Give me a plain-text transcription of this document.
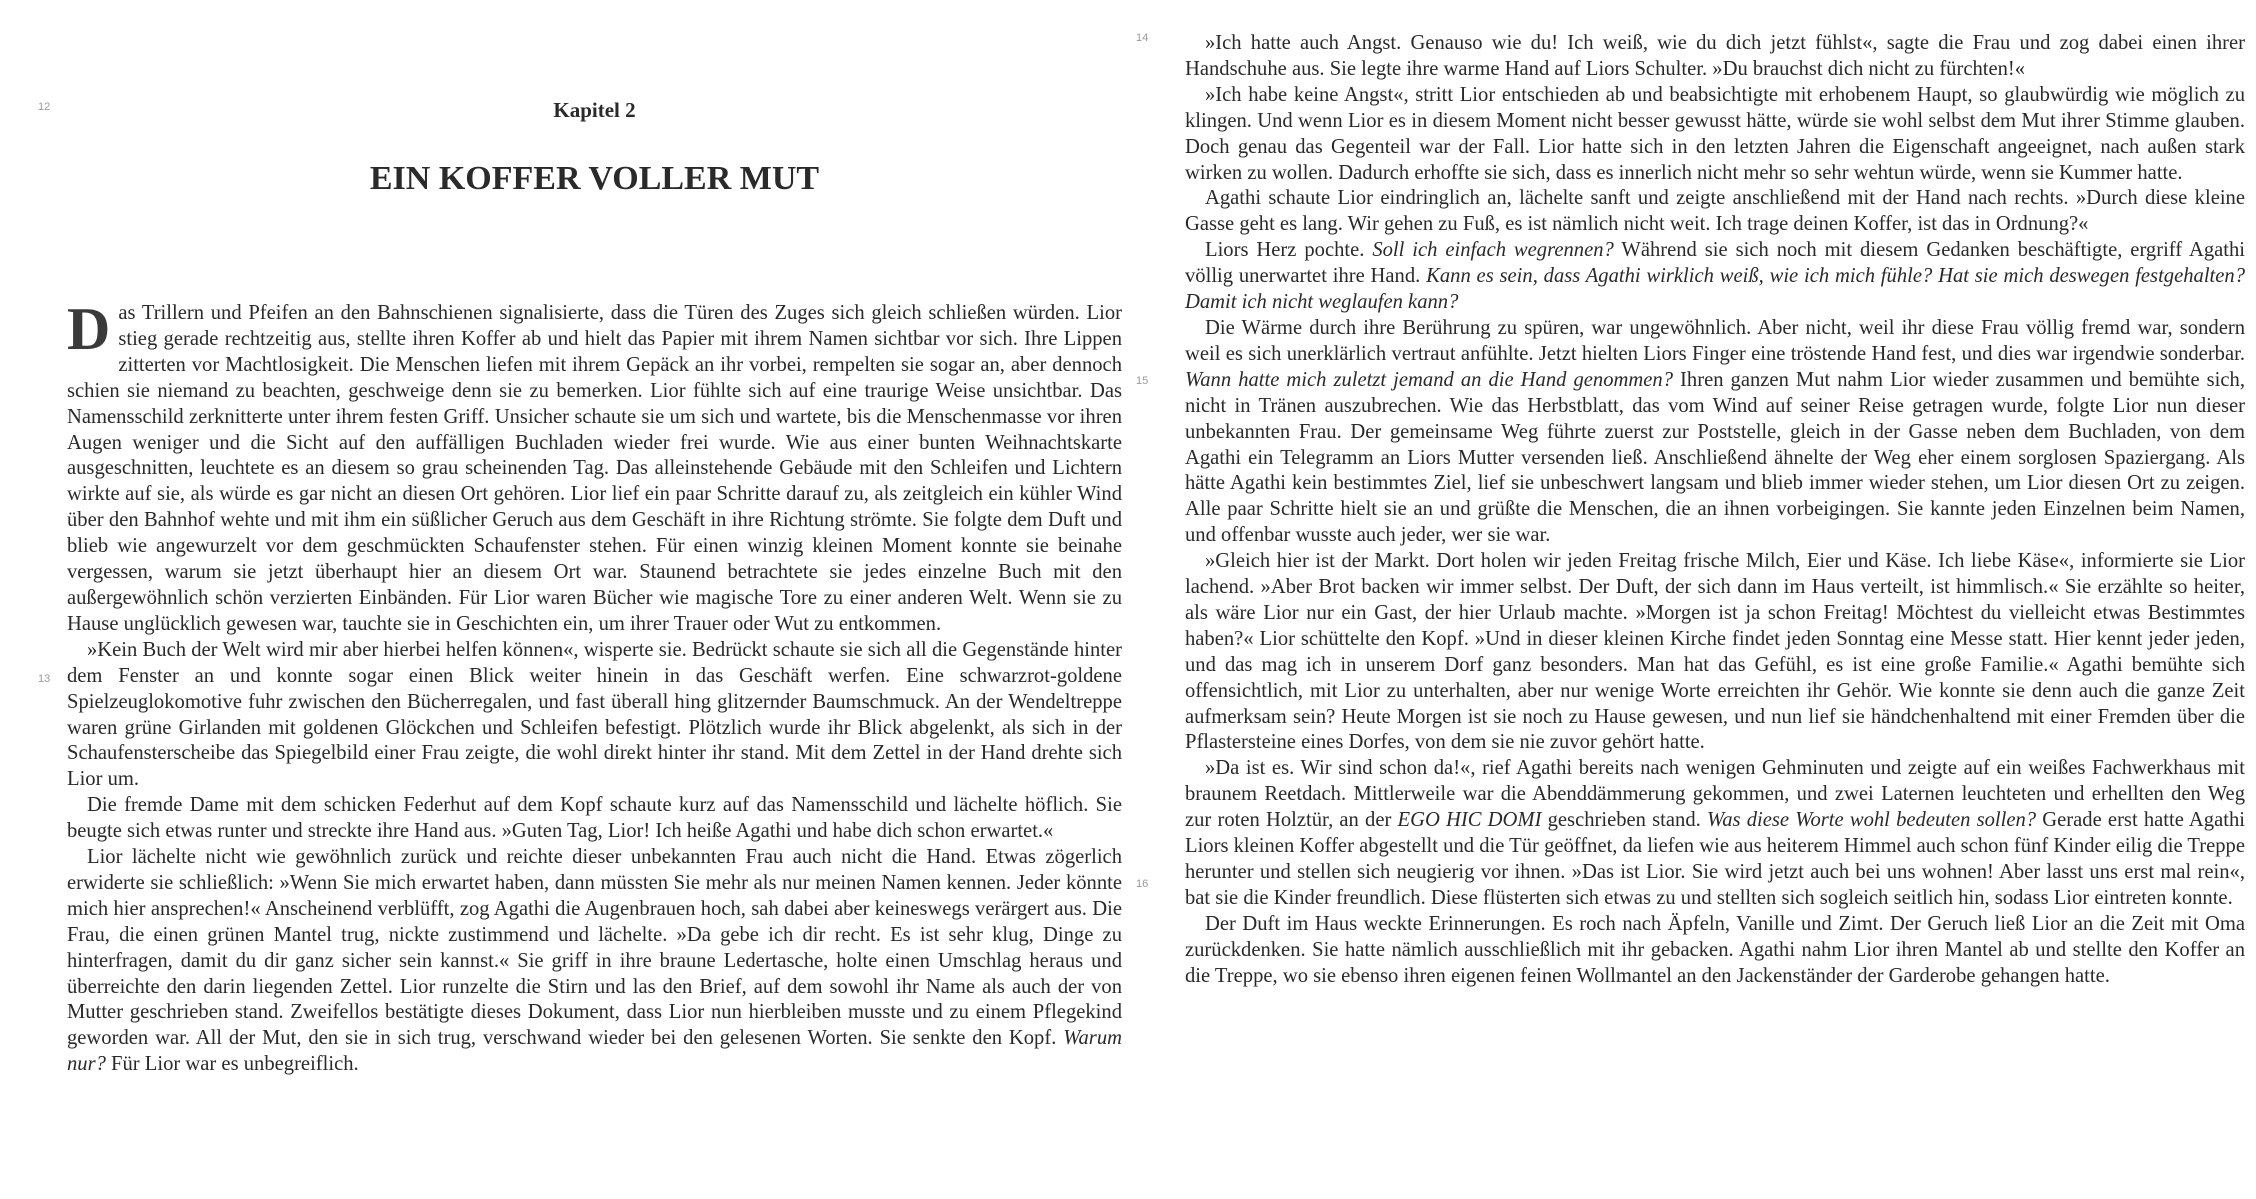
12
13
Kapitel 2
EIN KOFFER VOLLER MUT

Das Trillern und Pfeifen an den Bahnschienen signalisierte, dass die Türen des Zuges sich gleich schließen würden. Lior stieg gerade rechtzeitig aus, stellte ihren Koffer ab und hielt das Papier mit ihrem Namen sichtbar vor sich. Ihre Lippen zitterten vor Machtlosigkeit. Die Menschen liefen mit ihrem Gepäck an ihr vorbei, rempelten sie sogar an, aber dennoch schien sie niemand zu beachten, geschweige denn sie zu bemerken. Lior fühlte sich auf eine traurige Weise unsichtbar. Das Namensschild zerknitterte unter ihrem festen Griff. Unsicher schaute sie um sich und wartete, bis die Menschenmasse vor ihren Augen weniger und die Sicht auf den auffälligen Buchladen wieder frei wurde. Wie aus einer bunten Weihnachtskarte ausgeschnitten, leuchtete es an diesem so grau scheinenden Tag. Das alleinstehende Gebäude mit den Schleifen und Lichtern wirkte auf sie, als würde es gar nicht an diesen Ort gehören. Lior lief ein paar Schritte darauf zu, als zeitgleich ein kühler Wind über den Bahnhof wehte und mit ihm ein süßlicher Geruch aus dem Geschäft in ihre Richtung strömte. Sie folgte dem Duft und blieb wie angewurzelt vor dem geschmückten Schaufenster stehen. Für einen winzig kleinen Moment konnte sie beinahe vergessen, warum sie jetzt überhaupt hier an diesem Ort war. Staunend betrachtete sie jedes einzelne Buch mit den außergewöhnlich schön verzierten Einbänden. Für Lior waren Bücher wie magische Tore zu einer anderen Welt. Wenn sie zu Hause unglücklich gewesen war, tauchte sie in Geschichten ein, um ihrer Trauer oder Wut zu entkommen.

»Kein Buch der Welt wird mir aber hierbei helfen können«, wisperte sie. Bedrückt schaute sie sich all die Gegenstände hinter dem Fenster an und konnte sogar einen Blick weiter hinein in das Geschäft werfen. Eine schwarzrot-goldene Spielzeuglokomotive fuhr zwischen den Bücherregalen, und fast überall hing glitzernder Baumschmuck. An der Wendeltreppe waren grüne Girlanden mit goldenen Glöckchen und Schleifen befestigt. Plötzlich wurde ihr Blick abgelenkt, als sich in der Schaufensterscheibe das Spiegelbild einer Frau zeigte, die wohl direkt hinter ihr stand. Mit dem Zettel in der Hand drehte sich Lior um.

Die fremde Dame mit dem schicken Federhut auf dem Kopf schaute kurz auf das Namensschild und lächelte höflich. Sie beugte sich etwas runter und streckte ihre Hand aus. »Guten Tag, Lior! Ich heiße Agathi und habe dich schon erwartet.«

Lior lächelte nicht wie gewöhnlich zurück und reichte dieser unbekannten Frau auch nicht die Hand. Etwas zögerlich erwiderte sie schließlich: »Wenn Sie mich erwartet haben, dann müssten Sie mehr als nur meinen Namen kennen. Jeder könnte mich hier ansprechen!« Anscheinend verblüfft, zog Agathi die Augenbrauen hoch, sah dabei aber keineswegs verärgert aus. Die Frau, die einen grünen Mantel trug, nickte zustimmend und lächelte. »Da gebe ich dir recht. Es ist sehr klug, Dinge zu hinterfragen, damit du dir ganz sicher sein kannst.« Sie griff in ihre braune Ledertasche, holte einen Umschlag heraus und überreichte den darin liegenden Zettel. Lior runzelte die Stirn und las den Brief, auf dem sowohl ihr Name als auch der von Mutter geschrieben stand. Zweifellos bestätigte dieses Dokument, dass Lior nun hierbleiben musste und zu einem Pflegekind geworden war. All der Mut, den sie in sich trug, verschwand wieder bei den gelesenen Worten. Sie senkte den Kopf. Warum nur? Für Lior war es unbegreiflich.

14
15
16

»Ich hatte auch Angst. Genauso wie du! Ich weiß, wie du dich jetzt fühlst«, sagte die Frau und zog dabei einen ihrer Handschuhe aus. Sie legte ihre warme Hand auf Liors Schulter. »Du brauchst dich nicht zu fürchten!«

»Ich habe keine Angst«, stritt Lior entschieden ab und beabsichtigte mit erhobenem Haupt, so glaubwürdig wie möglich zu klingen. Und wenn Lior es in diesem Moment nicht besser gewusst hätte, würde sie wohl selbst dem Mut ihrer Stimme glauben. Doch genau das Gegenteil war der Fall. Lior hatte sich in den letzten Jahren die Eigenschaft angeeignet, nach außen stark wirken zu wollen. Dadurch erhoffte sie sich, dass es innerlich nicht mehr so sehr wehtun würde, wenn sie Kummer hatte.

Agathi schaute Lior eindringlich an, lächelte sanft und zeigte anschließend mit der Hand nach rechts. »Durch diese kleine Gasse geht es lang. Wir gehen zu Fuß, es ist nämlich nicht weit. Ich trage deinen Koffer, ist das in Ordnung?«

Liors Herz pochte. Soll ich einfach wegrennen? Während sie sich noch mit diesem Gedanken beschäftigte, ergriff Agathi völlig unerwartet ihre Hand. Kann es sein, dass Agathi wirklich weiß, wie ich mich fühle? Hat sie mich deswegen festgehalten? Damit ich nicht weglaufen kann?

Die Wärme durch ihre Berührung zu spüren, war ungewöhnlich. Aber nicht, weil ihr diese Frau völlig fremd war, sondern weil es sich unerklärlich vertraut anfühlte. Jetzt hielten Liors Finger eine tröstende Hand fest, und dies war irgendwie sonderbar. Wann hatte mich zuletzt jemand an die Hand genommen? Ihren ganzen Mut nahm Lior wieder zusammen und bemühte sich, nicht in Tränen auszubrechen. Wie das Herbstblatt, das vom Wind auf seiner Reise getragen wurde, folgte Lior nun dieser unbekannten Frau. Der gemeinsame Weg führte zuerst zur Poststelle, gleich in der Gasse neben dem Buchladen, von dem Agathi ein Telegramm an Liors Mutter versenden ließ. Anschließend ähnelte der Weg eher einem sorglosen Spaziergang. Als hätte Agathi kein bestimmtes Ziel, lief sie unbeschwert langsam und blieb immer wieder stehen, um Lior diesen Ort zu zeigen. Alle paar Schritte hielt sie an und grüßte die Menschen, die an ihnen vorbeigingen. Sie kannte jeden Einzelnen beim Namen, und offenbar wusste auch jeder, wer sie war.

»Gleich hier ist der Markt. Dort holen wir jeden Freitag frische Milch, Eier und Käse. Ich liebe Käse«, informierte sie Lior lachend. »Aber Brot backen wir immer selbst. Der Duft, der sich dann im Haus verteilt, ist himmlisch.« Sie erzählte so heiter, als wäre Lior nur ein Gast, der hier Urlaub machte. »Morgen ist ja schon Freitag! Möchtest du vielleicht etwas Bestimmtes haben?« Lior schüttelte den Kopf. »Und in dieser kleinen Kirche findet jeden Sonntag eine Messe statt. Hier kennt jeder jeden, und das mag ich in unserem Dorf ganz besonders. Man hat das Gefühl, es ist eine große Familie.« Agathi bemühte sich offensichtlich, mit Lior zu unterhalten, aber nur wenige Worte erreichten ihr Gehör. Wie konnte sie denn auch die ganze Zeit aufmerksam sein? Heute Morgen ist sie noch zu Hause gewesen, und nun lief sie händchenhaltend mit einer Fremden über die Pflastersteine eines Dorfes, von dem sie nie zuvor gehört hatte.

»Da ist es. Wir sind schon da!«, rief Agathi bereits nach wenigen Gehminuten und zeigte auf ein weißes Fachwerkhaus mit braunem Reetdach. Mittlerweile war die Abenddämmerung gekommen, und zwei Laternen leuchteten und erhellten den Weg zur roten Holztür, an der EGO HIC DOMI geschrieben stand. Was diese Worte wohl bedeuten sollen? Gerade erst hatte Agathi Liors kleinen Koffer abgestellt und die Tür geöffnet, da liefen wie aus heiterem Himmel auch schon fünf Kinder eilig die Treppe herunter und stellen sich neugierig vor ihnen. »Das ist Lior. Sie wird jetzt auch bei uns wohnen! Aber lasst uns erst mal rein«, bat sie die Kinder freundlich. Diese flüsterten sich etwas zu und stellten sich sogleich seitlich hin, sodass Lior eintreten konnte.

Der Duft im Haus weckte Erinnerungen. Es roch nach Äpfeln, Vanille und Zimt. Der Geruch ließ Lior an die Zeit mit Oma zurückdenken. Sie hatte nämlich ausschließlich mit ihr gebacken. Agathi nahm Lior ihren Mantel ab und stellte den Koffer an die Treppe, wo sie ebenso ihren eigenen feinen Wollmantel an den Jackenständer der Garderobe gehangen hatte.
